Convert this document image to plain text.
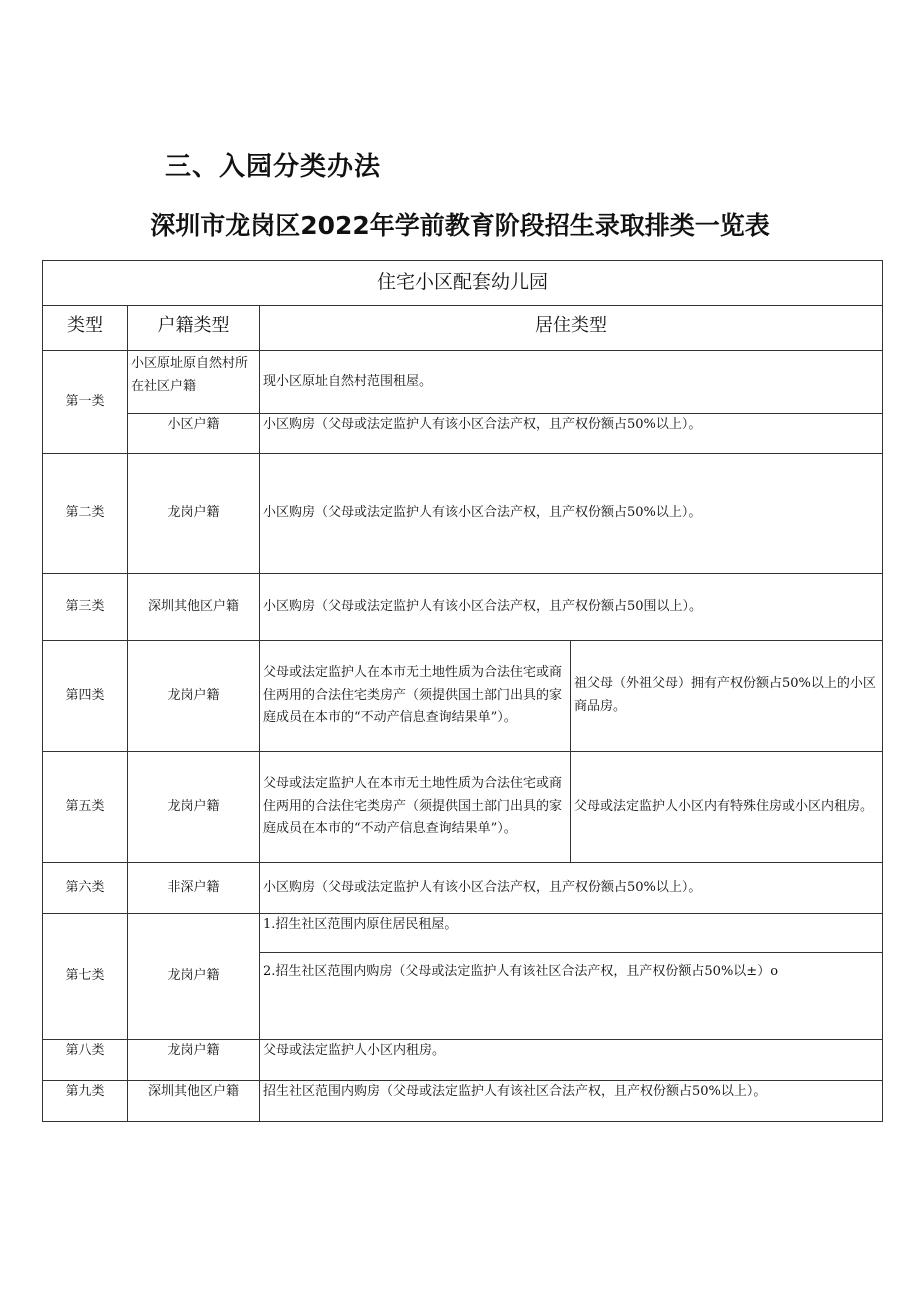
三、入园分类办法
深圳市龙岗区2022年学前教育阶段招生录取排类一览表
住宅小区配套幼儿园			
类型	户籍类型	居住类型	
第一类	小区原址原自然村所在社区户籍	现小区原址自然村范围租屋。	
	小区户籍	小区购房（父母或法定监护人有该小区合法产权，且产权份额占50%以上）。	
第二类	龙岗户籍	小区购房（父母或法定监护人有该小区合法产权，且产权份额占50%以上）。	
第三类	深圳其他区户籍	小区购房（父母或法定监护人有该小区合法产权，且产权份额占50围以上）。	
第四类	龙岗户籍	父母或法定监护人在本市无土地性质为合法住宅或商住两用的合法住宅类房产（须提供国土部门出具的家庭成员在本市的“不动产信息查询结果单”）。	祖父母（外祖父母）拥有产权份额占50%以上的小区商品房。
第五类	龙岗户籍	父母或法定监护人在本市无土地性质为合法住宅或商住两用的合法住宅类房产（须提供国土部门出具的家庭成员在本市的“不动产信息查询结果单”）。	父母或法定监护人小区内有特殊住房或小区内租房。
第六类	非深户籍	小区购房（父母或法定监护人有该小区合法产权，且产权份额占50%以上）。	
第七类	龙岗户籍	1.招生社区范围内原住居民租屋。	
		2.招生社区范围内购房（父母或法定监护人有该社区合法产权，且产权份额占50%以±）o	
第八类	龙岗户籍	父母或法定监护人小区内租房。	
第九类	深圳其他区户籍	招生社区范围内购房（父母或法定监护人有该社区合法产权，且产权份额占50%以上）。	
